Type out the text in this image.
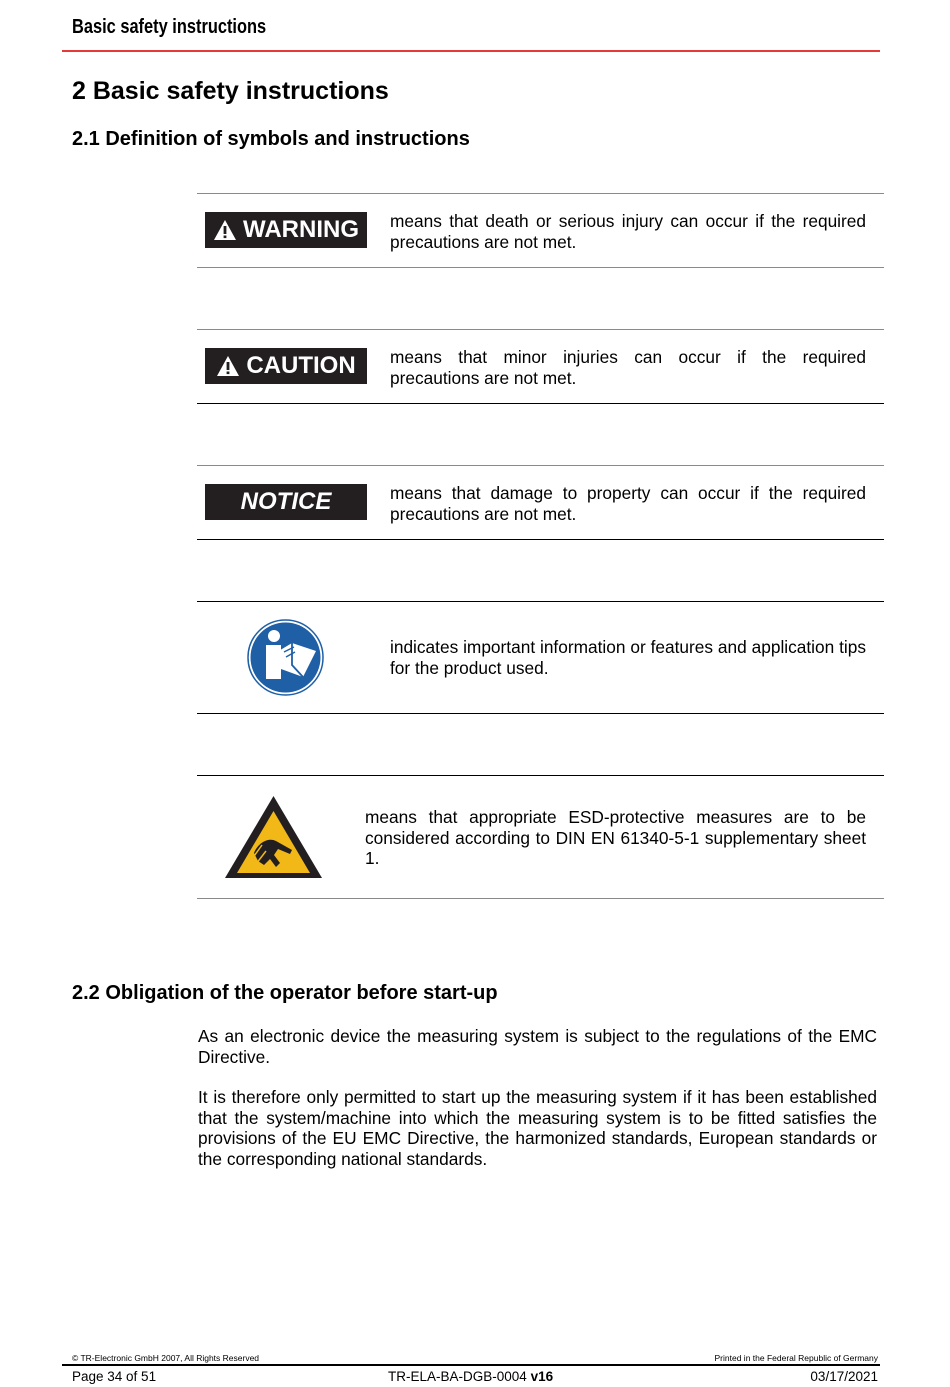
Basic safety instructions
2 Basic safety instructions
2.1 Definition of symbols and instructions
WARNING means that death or serious injury can occur if the required precautions are not met.
CAUTION means that minor injuries can occur if the required precautions are not met.
NOTICE	means that damage to property can occur if the required precautions are not met.
indicates important information or features and application tips for the product used.
means that appropriate ESD-protective measures are to be considered according to DIN EN 61340-5-1 supplementary sheet 1.
2.2 Obligation of the operator before start-up
As an electronic device the measuring system is subject to the regulations of the EMC Directive.
It is therefore only permitted to start up the measuring system if it has been established that the system/machine into which the measuring system is to be fitted satisfies the provisions of the EU EMC Directive, the harmonized standards, European standards or the corresponding national standards.
© TR-Electronic GmbH 2007, All Rights Reserved	Printed in the Federal Republic of Germany
Page 34 of 51	TR-ELA-BA-DGB-0004 v16	03/17/2021
